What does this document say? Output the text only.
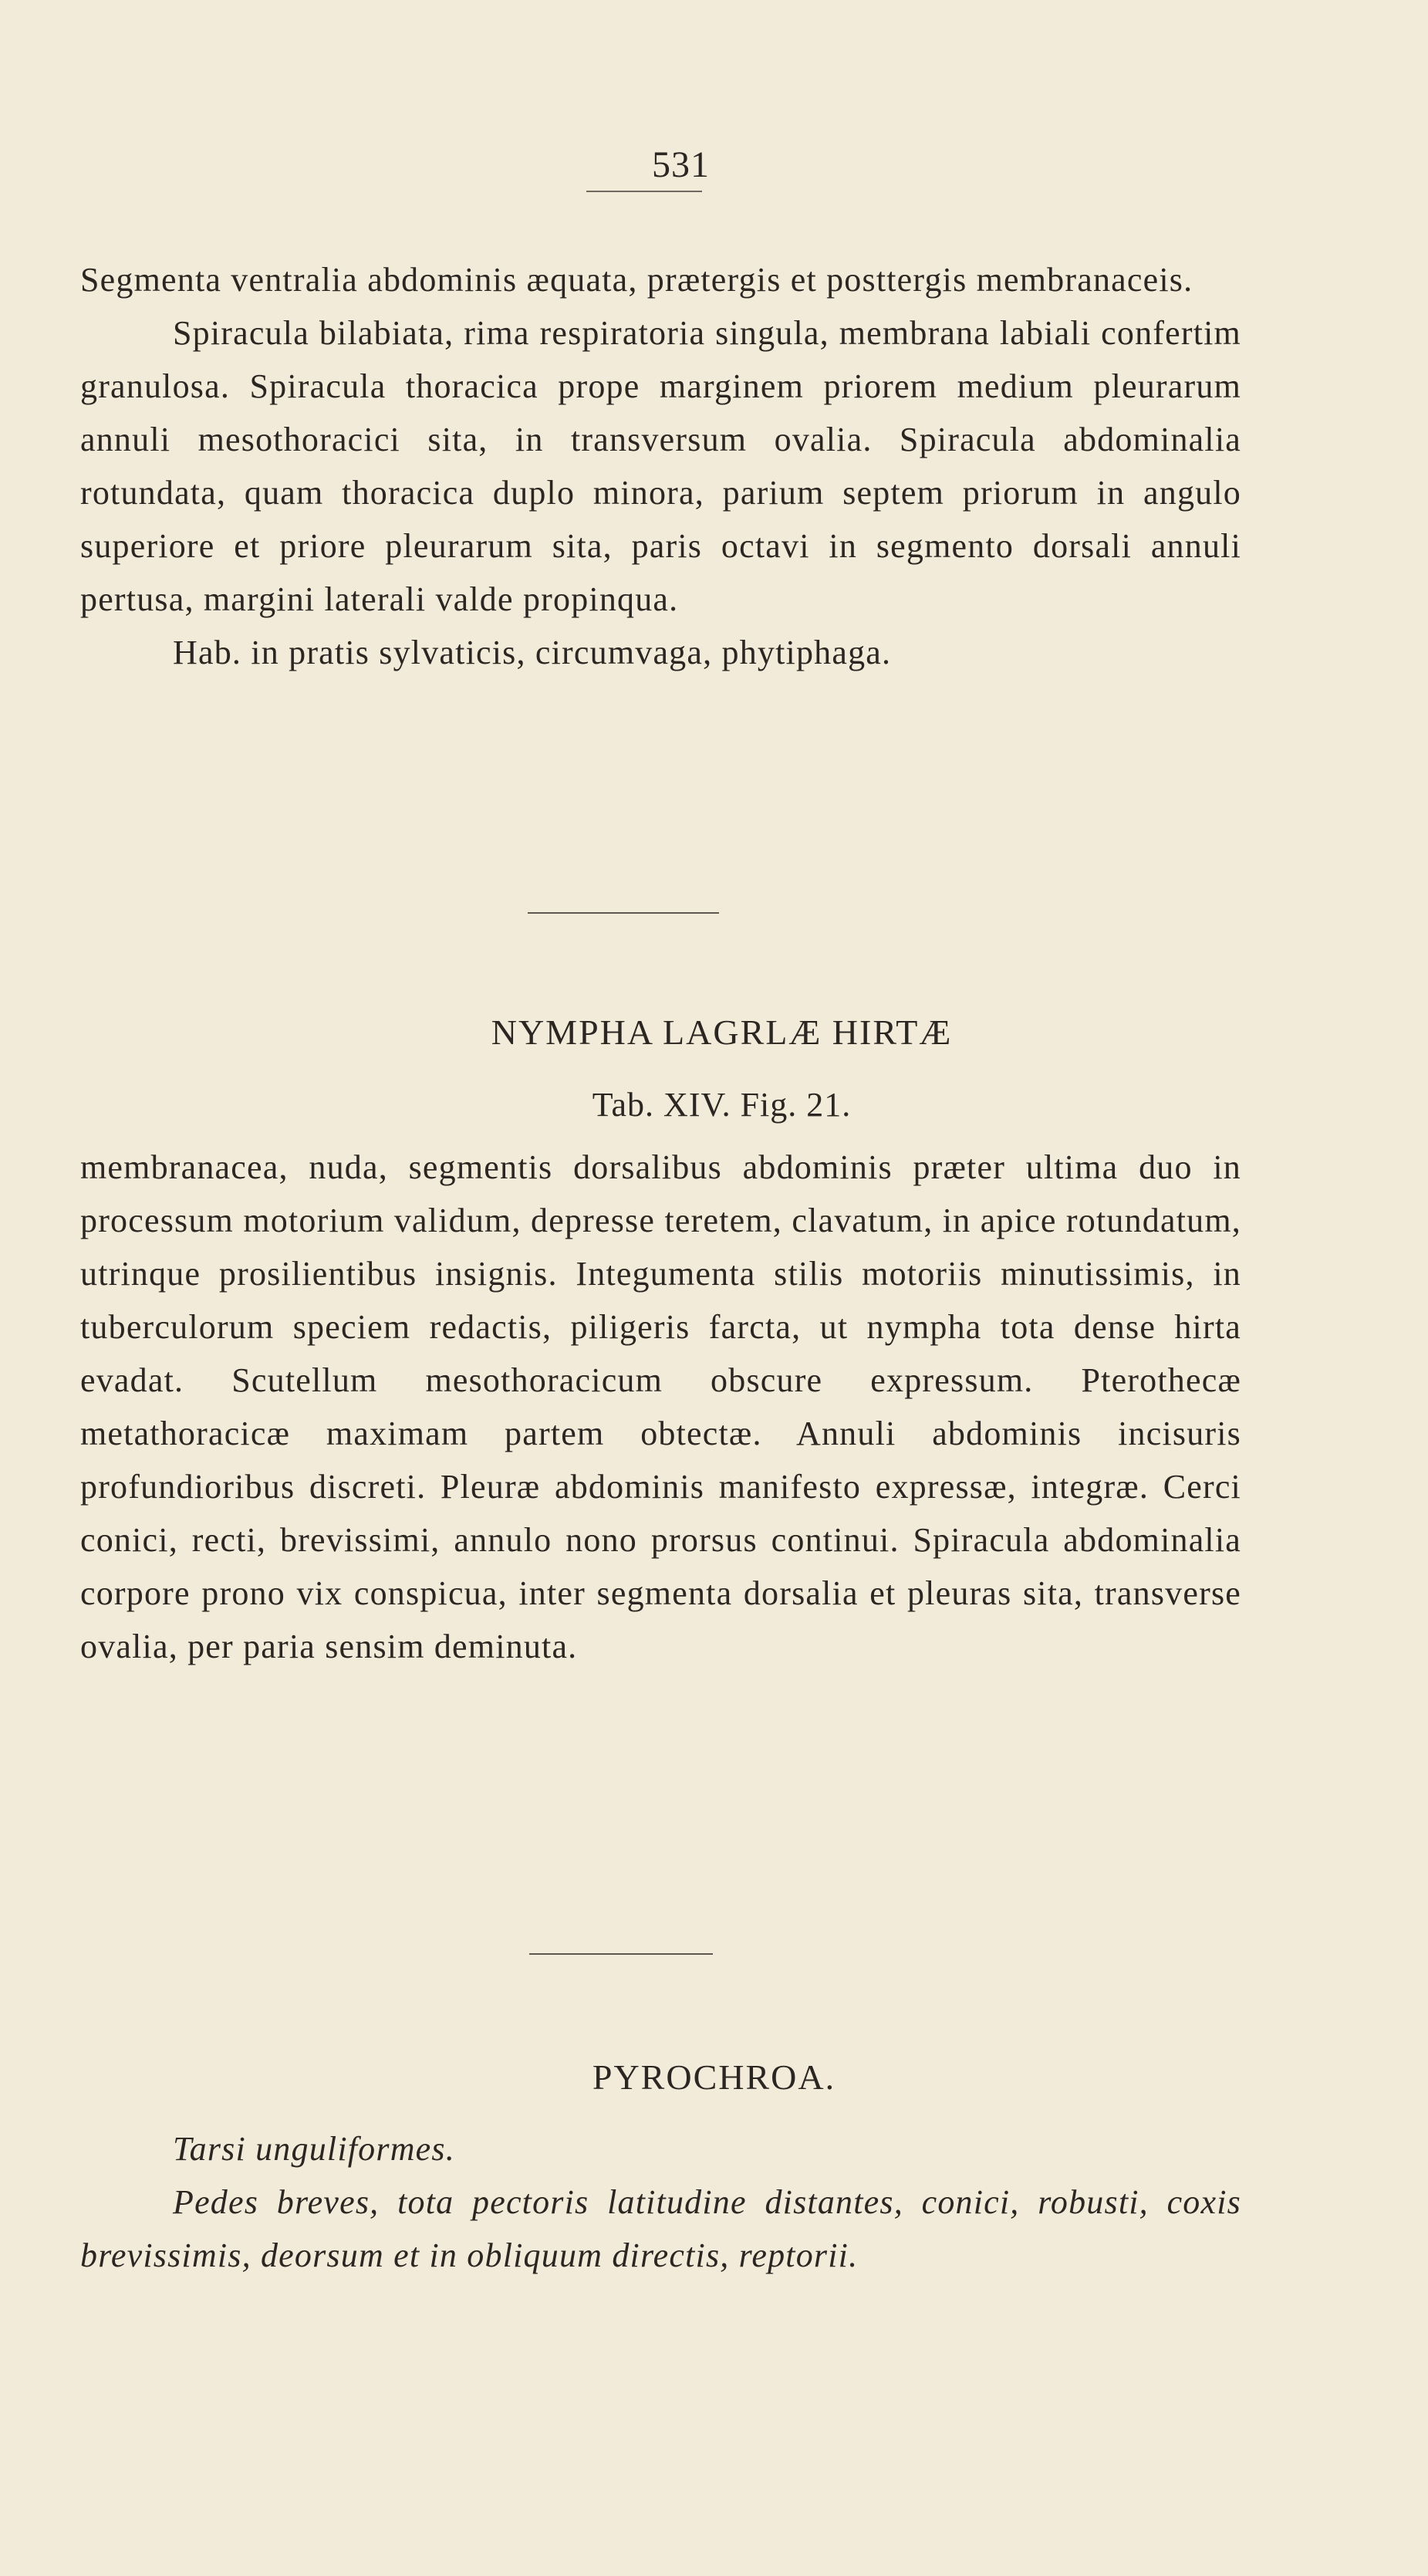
531

Segmenta ventralia abdominis æquata, prætergis et posttergis membranaceis.

Spiracula bilabiata, rima respiratoria singula, membrana labiali confertim granulosa. Spiracula thoracica prope marginem priorem medium pleurarum annuli mesothoracici sita, in transversum ovalia. Spiracula abdominalia rotundata, quam thoracica duplo minora, parium septem priorum in angulo superiore et priore pleurarum sita, paris octavi in segmento dorsali annuli pertusa, margini laterali valde propinqua.

Hab. in pratis sylvaticis, circumvaga, phytiphaga.

NYMPHA LAGRLÆ HIRTÆ
Tab. XIV. Fig. 21.

membranacea, nuda, segmentis dorsalibus abdominis præter ultima duo in processum motorium validum, depresse teretem, clavatum, in apice rotundatum, utrinque prosilientibus insignis. Integumenta stilis motoriis minutissimis, in tuberculorum speciem redactis, piligeris farcta, ut nympha tota dense hirta evadat. Scutellum mesothoracicum obscure expressum. Pterothecæ metathoracicæ maximam partem obtectæ. Annuli abdominis incisuris profundioribus discreti. Pleuræ abdominis manifesto expressæ, integræ. Cerci conici, recti, brevissimi, annulo nono prorsus continui. Spiracula abdominalia corpore prono vix conspicua, inter segmenta dorsalia et pleuras sita, transverse ovalia, per paria sensim deminuta.

PYROCHROA.

Tarsi unguliformes.

Pedes breves, tota pectoris latitudine distantes, conici, robusti, coxis brevissimis, deorsum et in obliquum directis, reptorii.
